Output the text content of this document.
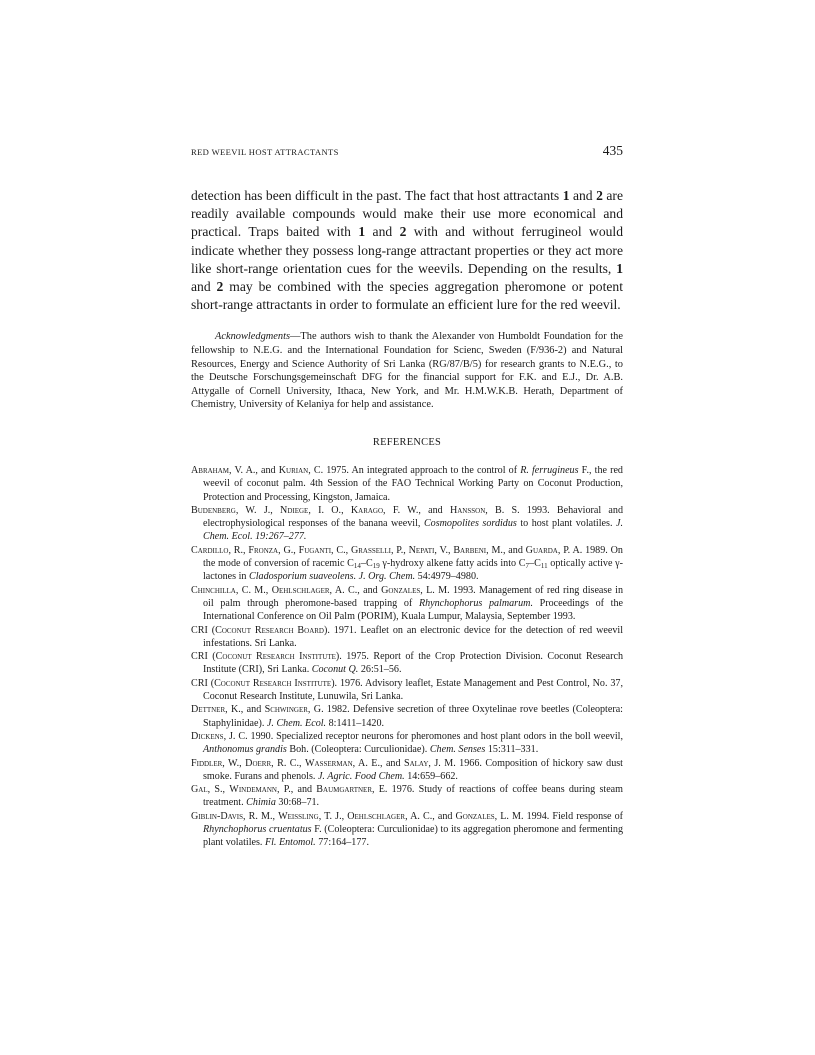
RED WEEVIL HOST ATTRACTANTS	435

detection has been difficult in the past. The fact that host attractants 1 and 2 are readily available compounds would make their use more economical and practical. Traps baited with 1 and 2 with and without ferrugineol would indicate whether they possess long-range attractant properties or they act more like short-range orientation cues for the weevils. Depending on the results, 1 and 2 may be combined with the species aggregation pheromone or potent short-range attractants in order to formulate an efficient lure for the red weevil.

Acknowledgments—The authors wish to thank the Alexander von Humboldt Foundation for the fellowship to N.E.G. and the International Foundation for Scienc, Sweden (F/936-2) and Natural Resources, Energy and Science Authority of Sri Lanka (RG/87/B/5) for research grants to N.E.G., to the Deutsche Forschungsgemeinschaft DFG for the financial support for F.K. and E.J., Dr. A.B. Attygalle of Cornell University, Ithaca, New York, and Mr. H.M.W.K.B. Herath, Department of Chemistry, University of Kelaniya for help and assistance.

REFERENCES
Abraham, V. A., and Kurian, C. 1975. An integrated approach to the control of R. ferrugineus F., the red weevil of coconut palm. 4th Session of the FAO Technical Working Party on Coconut Production, Protection and Processing, Kingston, Jamaica.
Budenberg, W. J., Ndiege, I. O., Karago, F. W., and Hansson, B. S. 1993. Behavioral and electrophysiological responses of the banana weevil, Cosmopolites sordidus to host plant volatiles. J. Chem. Ecol. 19:267–277.
Cardillo, R., Fronza, G., Fuganti, C., Grasselli, P., Nepati, V., Barbeni, M., and Guarda, P. A. 1989. On the mode of conversion of racemic $C_{14}-C_{19}$ γ-hydroxy alkene fatty acids into $C_7-C_{11}$ optically active γ-lactones in Cladosporium suaveolens. J. Org. Chem. 54:4979–4980.
Chinchilla, C. M., Oehlschlager, A. C., and Gonzales, L. M. 1993. Management of red ring disease in oil palm through pheromone-based trapping of Rhynchophorus palmarum. Proceedings of the International Conference on Oil Palm (PORIM), Kuala Lumpur, Malaysia, September 1993.
CRI (Coconut Research Board). 1971. Leaflet on an electronic device for the detection of red weevil infestations. Sri Lanka.
CRI (Coconut Research Institute). 1975. Report of the Crop Protection Division. Coconut Research Institute (CRI), Sri Lanka. Coconut Q. 26:51–56.
CRI (Coconut Research Institute). 1976. Advisory leaflet, Estate Management and Pest Control, No. 37, Coconut Research Institute, Lunuwila, Sri Lanka.
Dettner, K., and Schwinger, G. 1982. Defensive secretion of three Oxytelinae rove beetles (Coleoptera: Staphylinidae). J. Chem. Ecol. 8:1411–1420.
Dickens, J. C. 1990. Specialized receptor neurons for pheromones and host plant odors in the boll weevil, Anthonomus grandis Boh. (Coleoptera: Curculionidae). Chem. Senses 15:311–331.
Fiddler, W., Doerr, R. C., Wasserman, A. E., and Salay, J. M. 1966. Composition of hickory saw dust smoke. Furans and phenols. J. Agric. Food Chem. 14:659–662.
Gal, S., Windemann, P., and Baumgartner, E. 1976. Study of reactions of coffee beans during steam treatment. Chimia 30:68–71.
Giblin-Davis, R. M., Weissling, T. J., Oehlschlager, A. C., and Gonzales, L. M. 1994. Field response of Rhynchophorus cruentatus F. (Coleoptera: Curculionidae) to its aggregation pheromone and fermenting plant volatiles. Fl. Entomol. 77:164–177.
